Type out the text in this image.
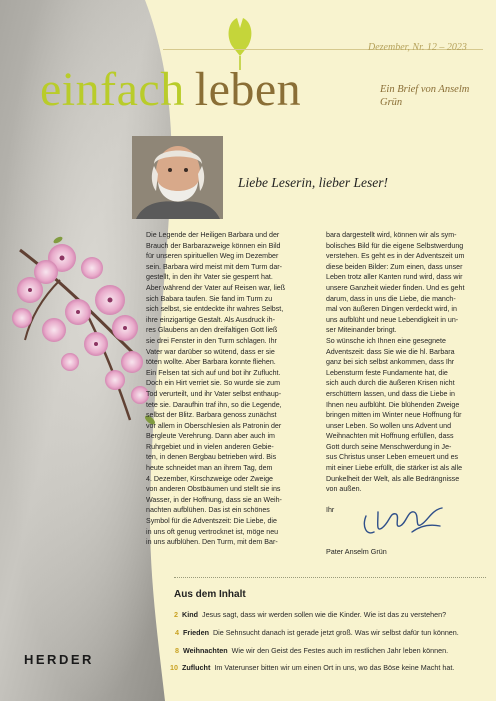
Dezember, Nr. 12 – 2023
einfach leben	Ein Brief von Anselm Grün
Liebe Leserin, lieber Leser!

Die Legende der Heiligen Barbara und der

Brauch der Barbarazweige können ein Bild

für unseren spirituellen Weg im Dezember

sein. Barbara wird meist mit dem Turm dar-

gestellt, in den ihr Vater sie gesperrt hat.

Aber während der Vater auf Reisen war, ließ

sich Babara taufen. Sie fand im Turm zu

sich selbst, sie entdeckte ihr wahres Selbst,

ihre einzigartige Gestalt. Als Ausdruck ih-

res Glaubens an den dreifaltigen Gott ließ

sie drei Fenster in den Turm schlagen. Ihr

Vater war darüber so wütend, dass er sie

töten wollte. Aber Barbara konnte fliehen.

Ein Felsen tat sich auf und bot ihr Zuflucht.

Doch ein Hirt verriet sie. So wurde sie zum

Tod verurteilt, und ihr Vater selbst enthaup-

tete sie. Daraufhin traf ihn, so die Legende,

selbst der Blitz. Barbara genoss zunächst

vor allem in Oberschlesien als Patronin der

Bergleute Verehrung. Dann aber auch im

Ruhrgebiet und in vielen anderen Gebie-

ten, in denen Bergbau betrieben wird. Bis

heute schneidet man an ihrem Tag, dem

4. Dezember, Kirschzweige oder Zweige

von anderen Obstbäumen und stellt sie ins

Wasser, in der Hoffnung, dass sie an Weih-

nachten aufblühen. Das ist ein schönes

Symbol für die Adventszeit: Die Liebe, die

in uns oft genug vertrocknet ist, möge neu

in uns aufblühen. Den Turm, mit dem Bar-

bara dargestellt wird, können wir als sym-

bolisches Bild für die eigene Selbstwerdung

verstehen. Es geht es in der Adventszeit um

diese beiden Bilder: Zum einen, dass unser

Leben trotz aller Kanten rund wird, dass wir

unsere Ganzheit wieder finden. Und es geht

darum, dass in uns die Liebe, die manch-

mal von äußeren Dingen verdeckt wird, in

uns aufblüht und neue Lebendigkeit in un-

ser Miteinander bringt.

So wünsche ich Ihnen eine gesegnete

Adventszeit: dass Sie wie die hl. Barbara

ganz bei sich selbst ankommen, dass Ihr

Lebensturm feste Fundamente hat, die

sich auch durch die äußeren Krisen nicht

erschüttern lassen, und dass die Liebe in

Ihnen neu aufblüht. Die blühenden Zweige

bringen mitten im Winter neue Hoffnung für

unser Leben. So wollen uns Advent und

Weihnachten mit Hoffnung erfüllen, dass

Gott durch seine Menschwerdung in Je-

sus Christus unser Leben erneuert und es

mit einer Liebe erfüllt, die stärker ist als alle

Dunkelheit der Welt, als alle Bedrängnisse

von außen.

Ihr

Aus dem Inhalt
2 Kind Jesus sagt, dass wir werden sollen wie die Kinder. Wie ist das zu verstehen?
4 Frieden Die Sehnsucht danach ist gerade jetzt groß. Was wir selbst dafür tun können.
8 Weihnachten Wie wir den Geist des Festes auch im restlichen Jahr leben können.
10 Zuflucht Im Vaterunser bitten wir um einen Ort in uns, wo das Böse keine Macht hat.
HERDER
Pater Anselm Grün
